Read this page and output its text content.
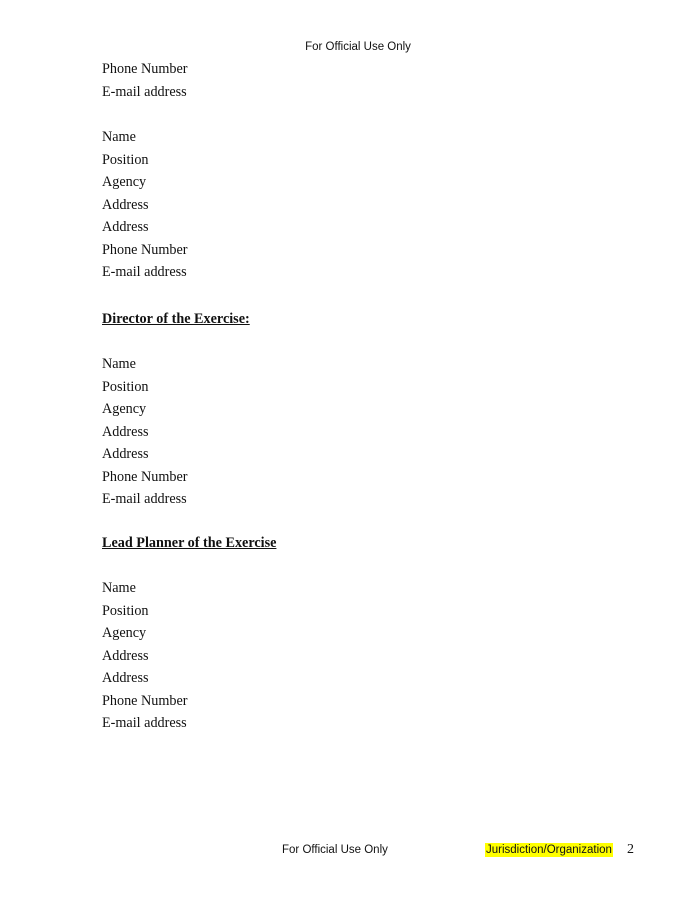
For Official Use Only
Phone Number
E-mail address
Name
Position
Agency
Address
Address
Phone Number
E-mail address
Director of the Exercise:
Name
Position
Agency
Address
Address
Phone Number
E-mail address
Lead Planner of the Exercise
Name
Position
Agency
Address
Address
Phone Number
E-mail address
For Official Use Only	Jurisdiction/Organization 2
